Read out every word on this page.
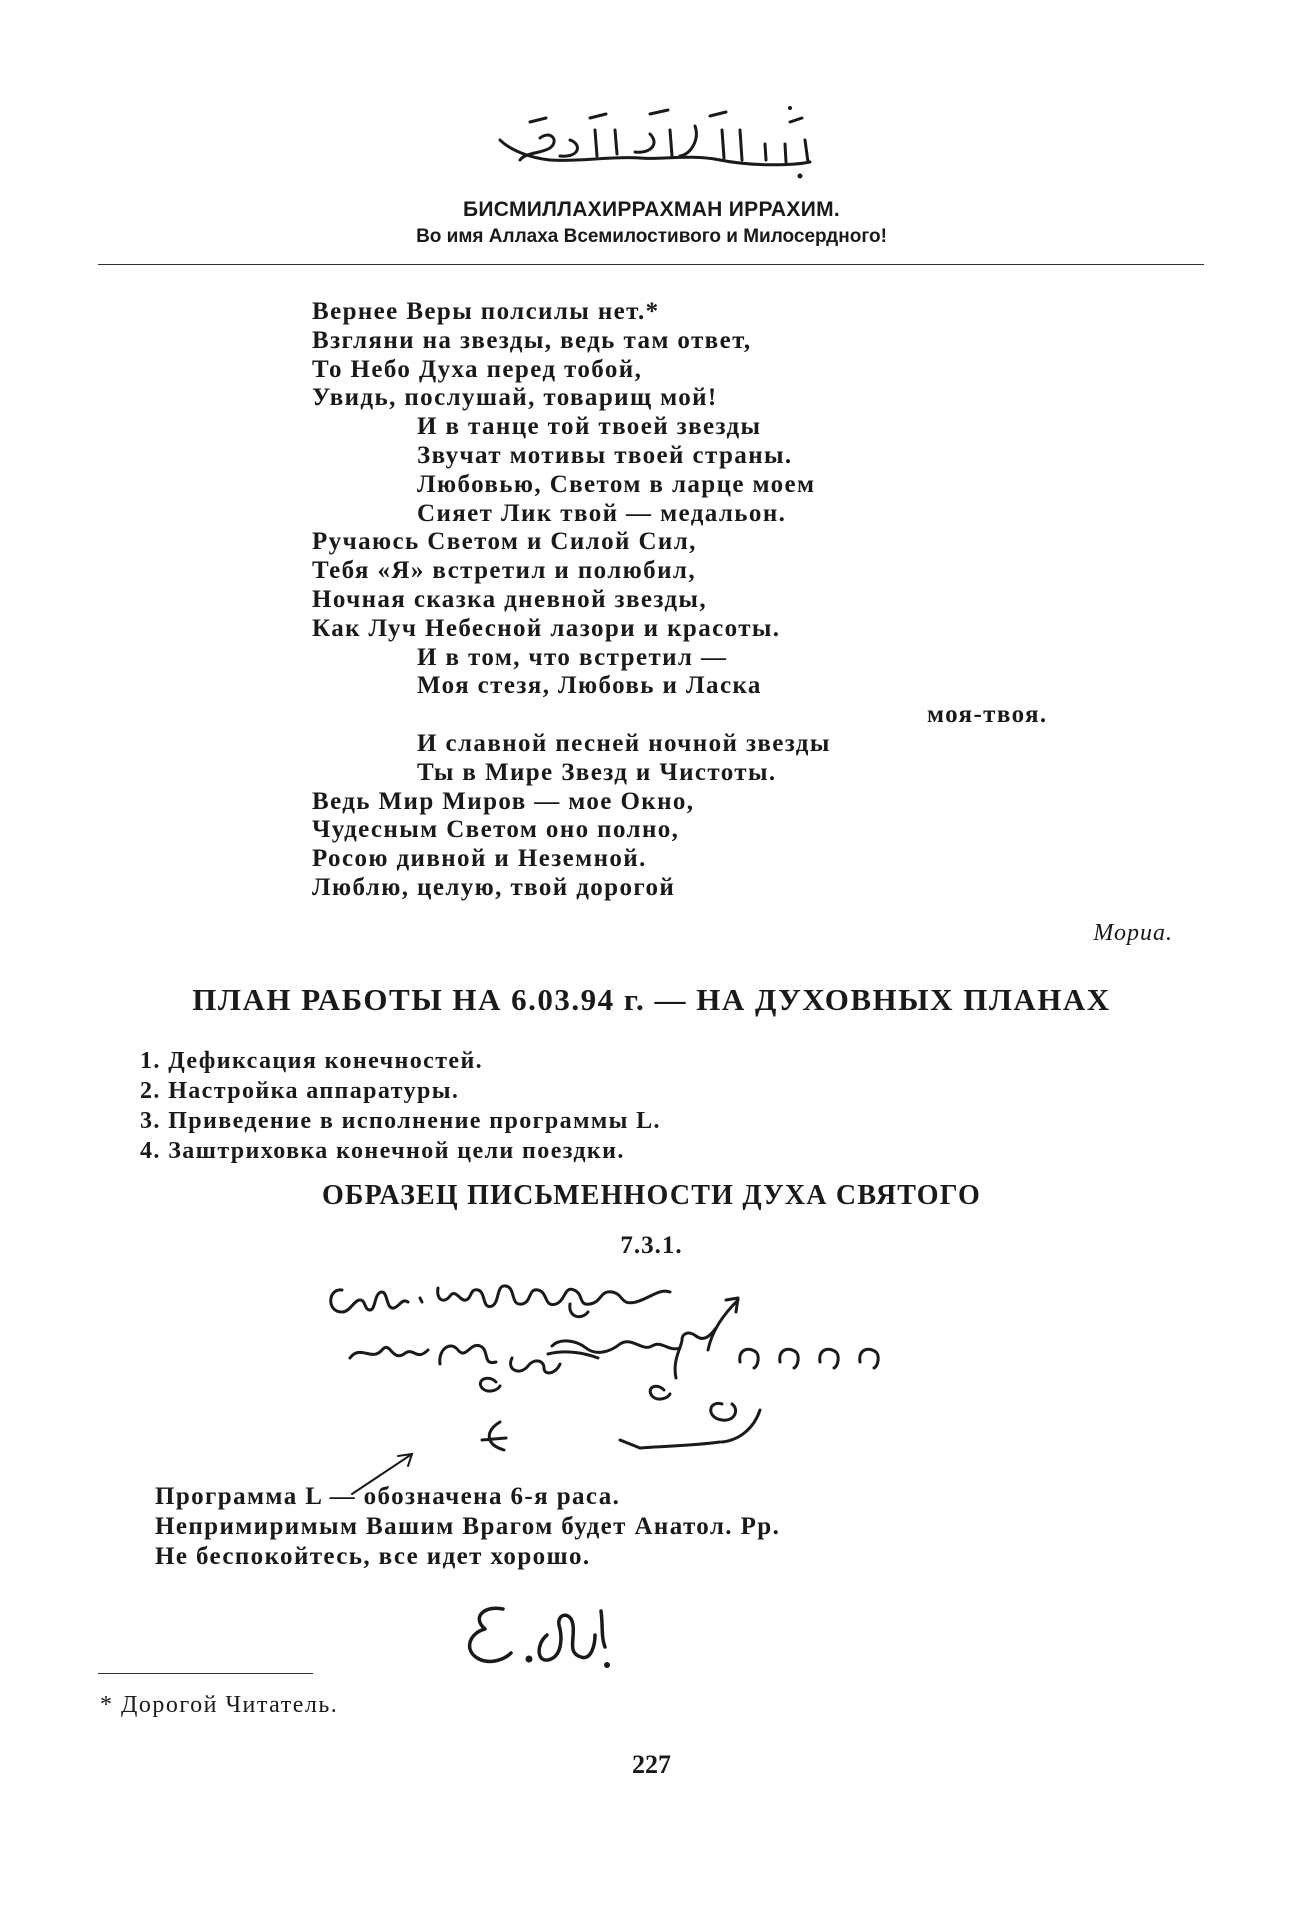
БИСМИЛЛАХИРРАХМАН ИРРАХИМ.
Во имя Аллаха Всемилостивого и Милосердного!
Вернее Веры полсилы нет.*
Взгляни на звезды, ведь там ответ,
То Небо Духа перед тобой,
Увидь, послушай, товарищ мой!
И в танце той твоей звезды
Звучат мотивы твоей страны.
Любовью, Светом в ларце моем
Сияет Лик твой — медальон.
Ручаюсь Светом и Силой Сил,
Тебя «Я» встретил и полюбил,
Ночная сказка дневной звезды,
Как Луч Небесной лазори и красоты.
И в том, что встретил —
Моя стезя, Любовь и Ласка
моя-твоя.
И славной песней ночной звезды
Ты в Мире Звезд и Чистоты.
Ведь Мир Миров — мое Окно,
Чудесным Светом оно полно,
Росою дивной и Неземной.
Люблю, целую, твой дорогой
Мориа.
ПЛАН РАБОТЫ НА 6.03.94 г. — НА ДУХОВНЫХ ПЛАНАХ
1. Дефиксация конечностей.
2. Настройка аппаратуры.
3. Приведение в исполнение программы L.
4. Заштриховка конечной цели поездки.
ОБРАЗЕЦ ПИСЬМЕННОСТИ ДУХА СВЯТОГО
7.3.1.
Программа L — обозначена 6-я раса.
Непримиримым Вашим Врагом будет Анатол. Рр.
Не беспокойтесь, все идет хорошо.
* Дорогой Читатель.
227
